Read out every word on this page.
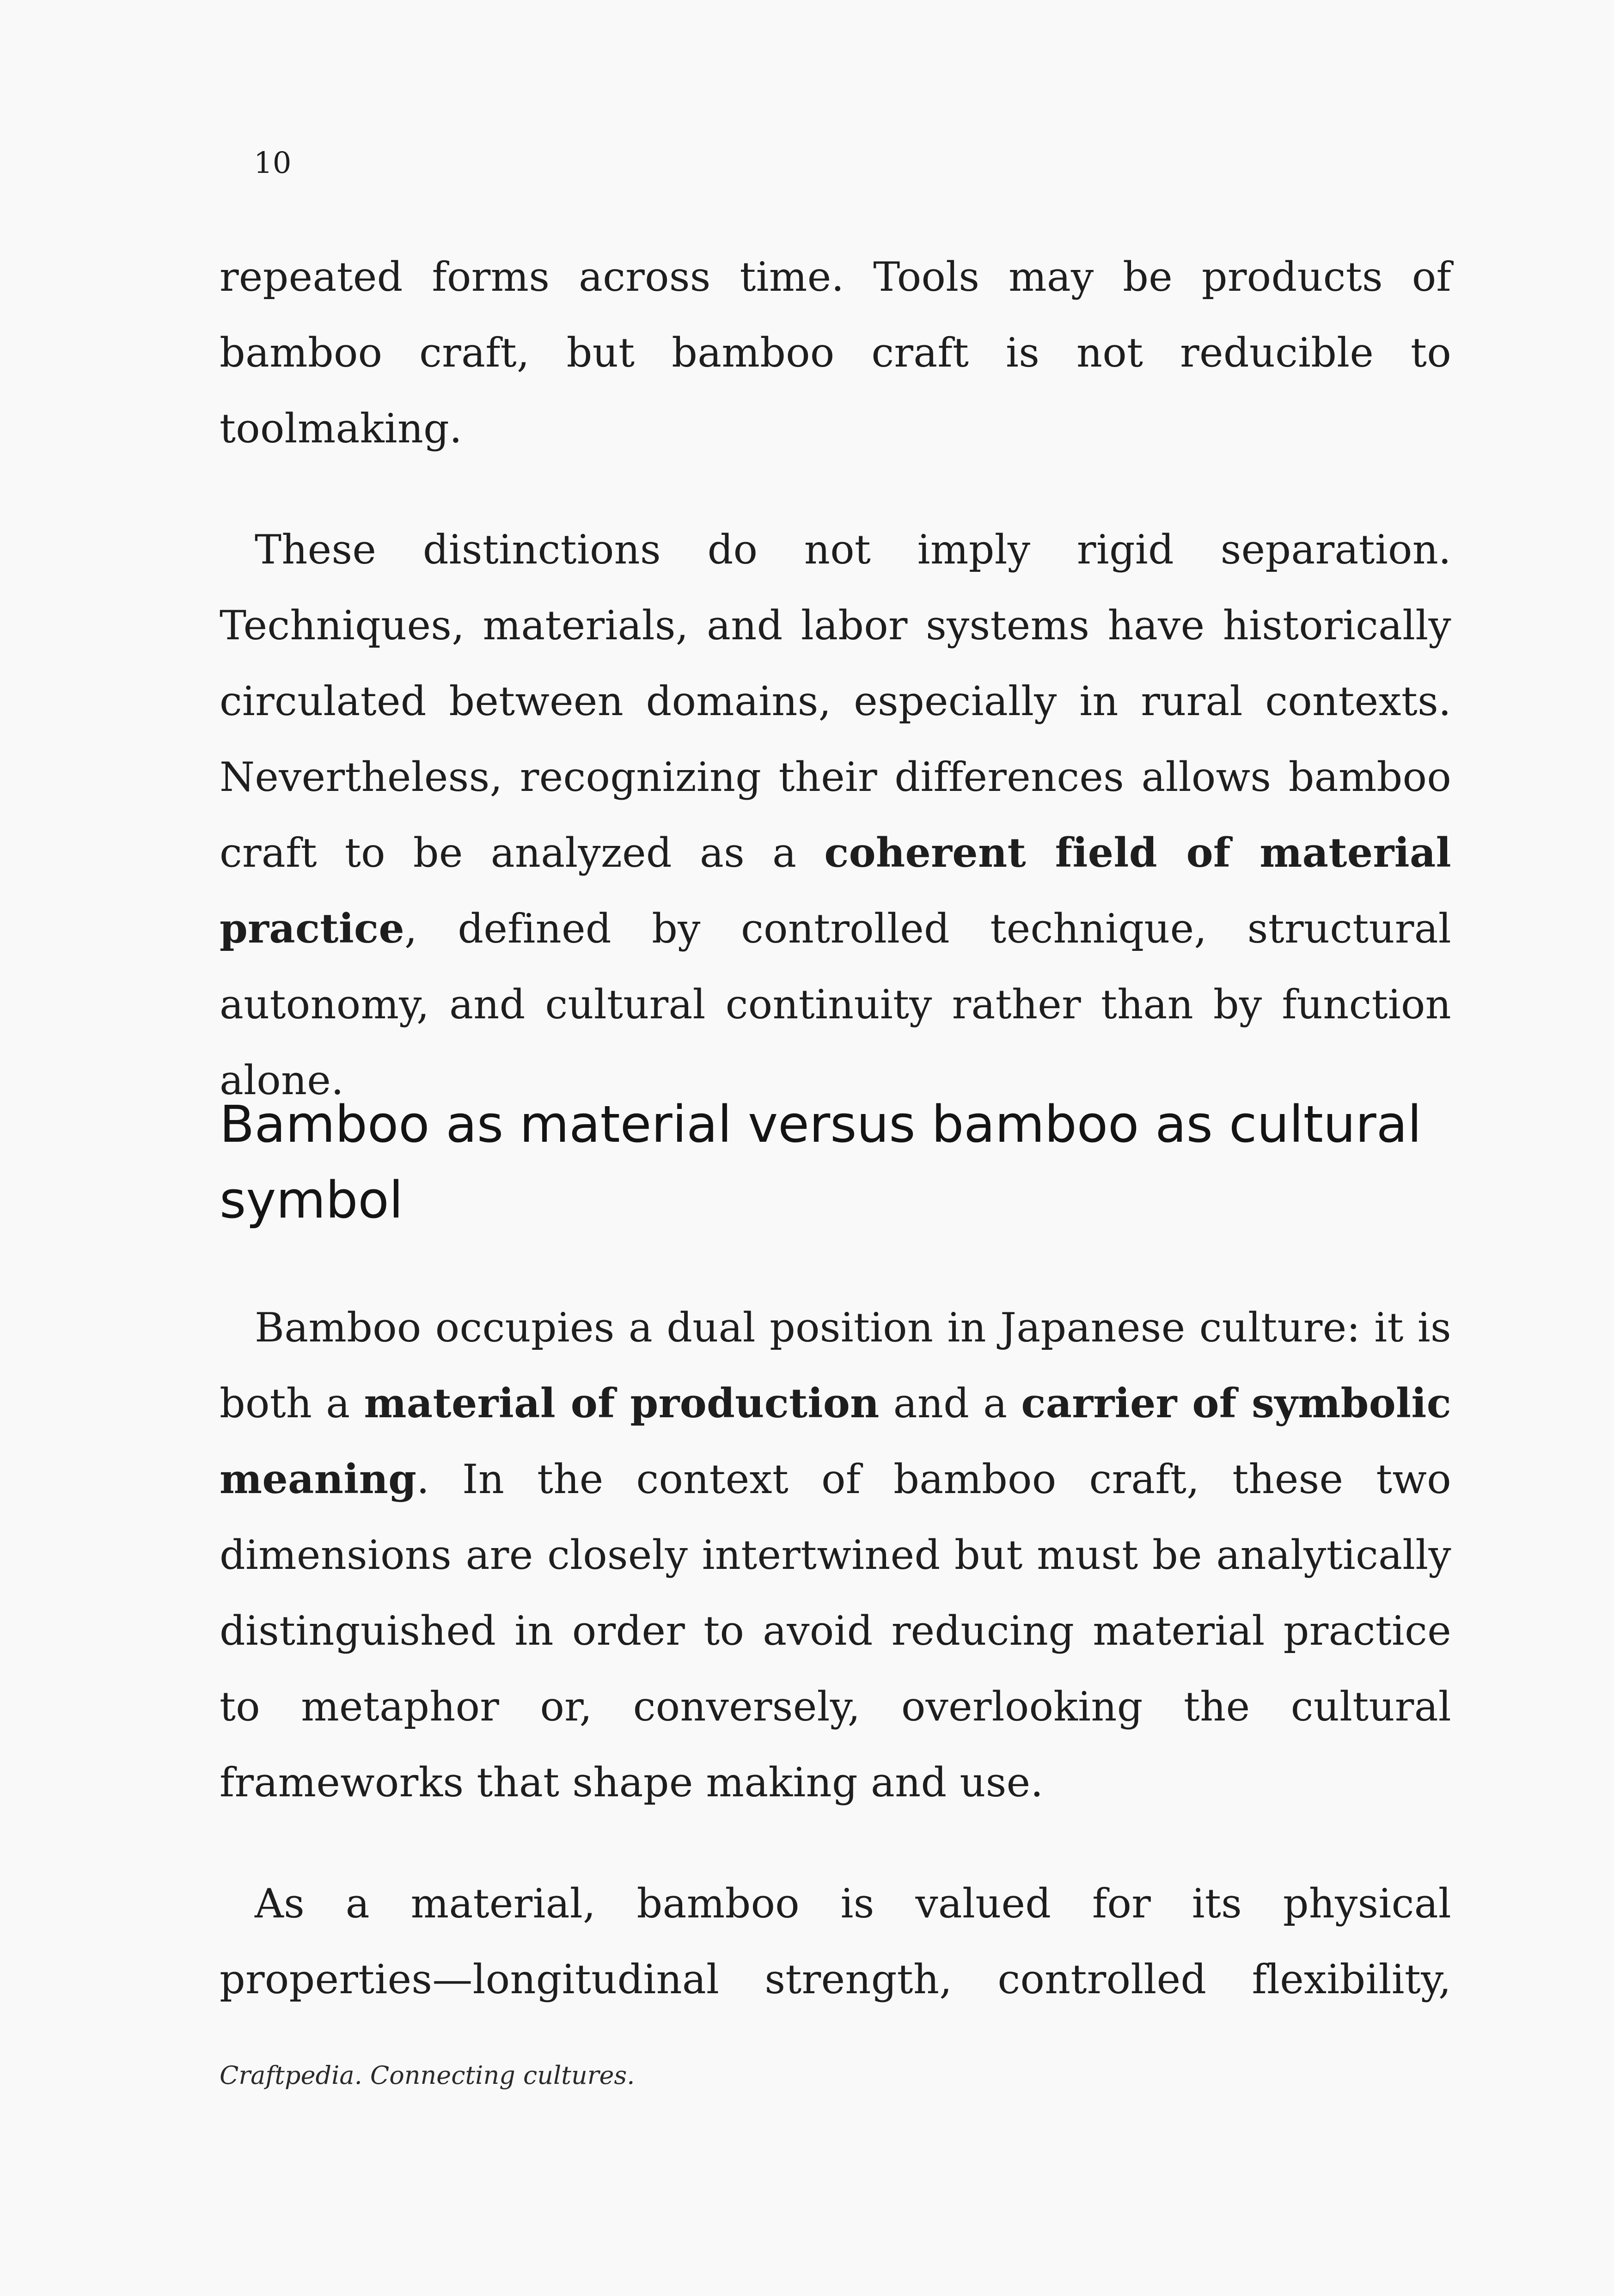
10

repeated forms across time. Tools may be products of bamboo craft, but bamboo craft is not reducible to toolmaking.

These distinctions do not imply rigid separation. Techniques, materials, and labor systems have historically circulated between domains, especially in rural contexts. Nevertheless, recognizing their differences allows bamboo craft to be analyzed as a coherent field of material practice, defined by controlled technique, structural autonomy, and cultural continuity rather than by function alone.

Bamboo as material versus bamboo as cultural symbol

Bamboo occupies a dual position in Japanese culture: it is both a material of production and a carrier of symbolic meaning. In the context of bamboo craft, these two dimensions are closely intertwined but must be analytically distinguished in order to avoid reducing material practice to metaphor or, conversely, overlooking the cultural frameworks that shape making and use.

As a material, bamboo is valued for its physical properties—longitudinal strength, controlled flexibility,

Craftpedia. Connecting cultures.
